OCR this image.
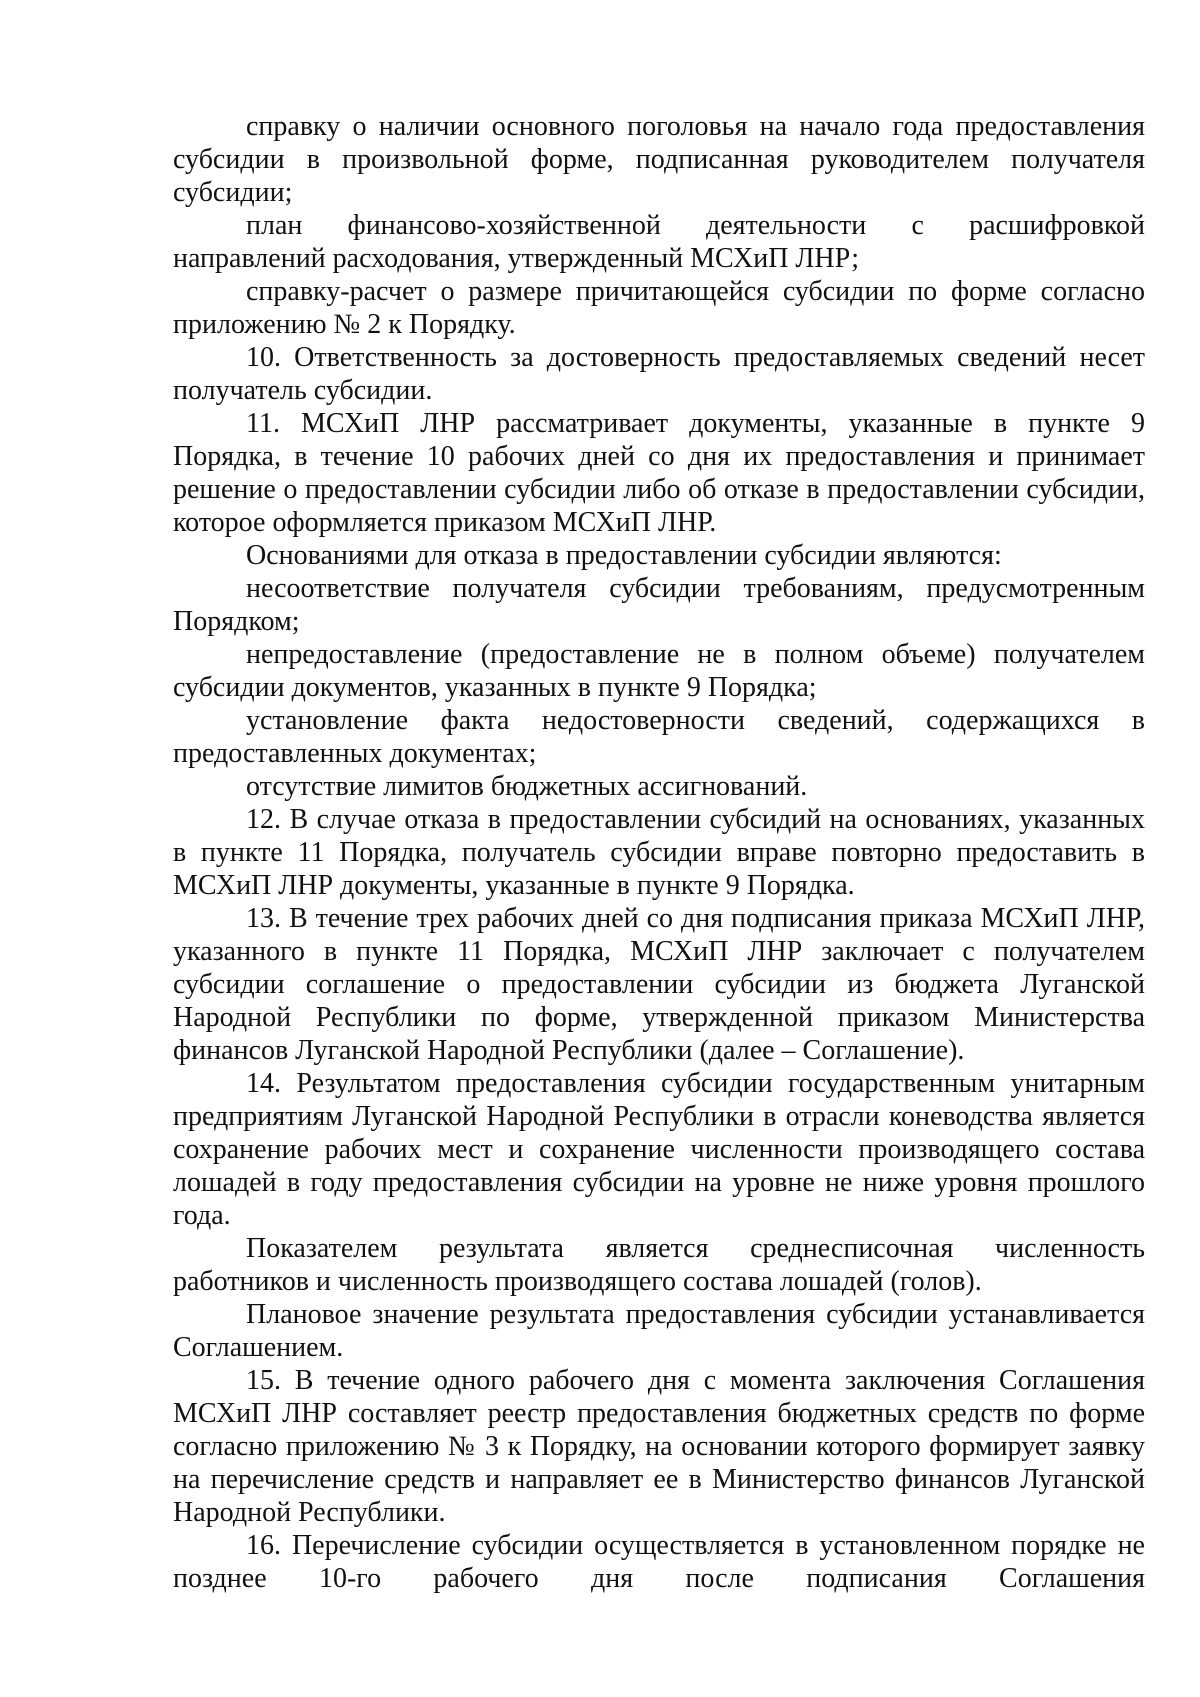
справку о наличии основного поголовья на начало года предоставления субсидии в произвольной форме, подписанная руководителем получателя субсидии;

план финансово-хозяйственной деятельности с расшифровкой направлений расходования, утвержденный МСХиП ЛНР;

справку-расчет о размере причитающейся субсидии по форме согласно приложению № 2 к Порядку.

10. Ответственность за достоверность предоставляемых сведений несет получатель субсидии.

11. МСХиП ЛНР рассматривает документы, указанные в пункте 9 Порядка, в течение 10 рабочих дней со дня их предоставления и принимает решение о предоставлении субсидии либо об отказе в предоставлении субсидии, которое оформляется приказом МСХиП ЛНР.

Основаниями для отказа в предоставлении субсидии являются:

несоответствие получателя субсидии требованиям, предусмотренным Порядком;

непредоставление (предоставление не в полном объеме) получателем субсидии документов, указанных в пункте 9 Порядка;

установление факта недостоверности сведений, содержащихся в предоставленных документах;

отсутствие лимитов бюджетных ассигнований.

12. В случае отказа в предоставлении субсидий на основаниях, указанных в пункте 11 Порядка, получатель субсидии вправе повторно предоставить в МСХиП ЛНР документы, указанные в пункте 9 Порядка.

13. В течение трех рабочих дней со дня подписания приказа МСХиП ЛНР, указанного в пункте 11 Порядка, МСХиП ЛНР заключает с получателем субсидии соглашение о предоставлении субсидии из бюджета Луганской Народной Республики по форме, утвержденной приказом Министерства финансов Луганской Народной Республики (далее – Соглашение).

14. Результатом предоставления субсидии государственным унитарным предприятиям Луганской Народной Республики в отрасли коневодства является сохранение рабочих мест и сохранение численности производящего состава лошадей в году предоставления субсидии на уровне не ниже уровня прошлого года.

Показателем результата является среднесписочная численность работников и численность производящего состава лошадей (голов).

Плановое значение результата предоставления субсидии устанавливается Соглашением.

15. В течение одного рабочего дня с момента заключения Соглашения МСХиП ЛНР составляет реестр предоставления бюджетных средств по форме согласно приложению № 3 к Порядку, на основании которого формирует заявку на перечисление средств и направляет ее в Министерство финансов Луганской Народной Республики.

16. Перечисление субсидии осуществляется в установленном порядке не позднее 10-го рабочего дня после подписания Соглашения
